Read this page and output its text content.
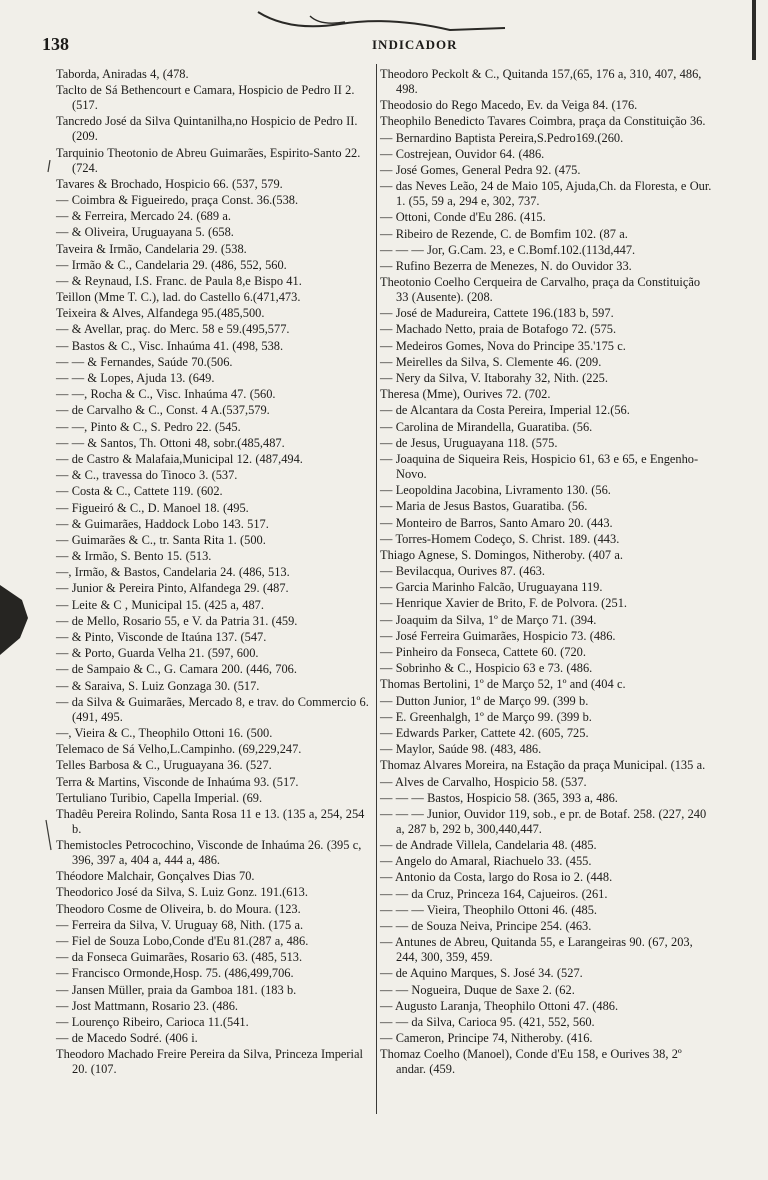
138	INDICADOR
Taborda, Aniradas 4, (478.
Taclto de Sá Bethencourt e Camara, Hospicio de Pedro II 2. (517.
Tancredo José da Silva Quintanilha,no Hospicio de Pedro II. (209.
Tarquinio Theotonio de Abreu Guimarães, Espirito-Santo 22. (724.
Tavares & Brochado, Hospicio 66. (537, 579.
— Coimbra & Figueiredo, praça Const. 36.(538.
— & Ferreira, Mercado 24. (689 a.
— & Oliveira, Uruguayana 5. (658.
Taveira & Irmão, Candelaria 29. (538.
— Irmão & C., Candelaria 29. (486, 552, 560.
— & Reynaud, I.S. Franc. de Paula 8,e Bispo 41.
Teillon (Mme T. C.), lad. do Castello 6.(471,473.
Teixeira & Alves, Alfandega 95.(485,500.
— & Avellar, praç. do Merc. 58 e 59.(495,577.
— Bastos & C., Visc. Inhaúma 41. (498, 538.
— — & Fernandes, Saúde 70.(506.
— — & Lopes, Ajuda 13. (649.
— —, Rocha & C., Visc. Inhaúma 47. (560.
— de Carvalho & C., Const. 4 A.(537,579.
— —, Pinto & C., S. Pedro 22. (545.
— — & Santos, Th. Ottoni 48, sobr.(485,487.
— de Castro & Malafaia,Municipal 12. (487,494.
— & C., travessa do Tinoco 3. (537.
— Costa & C., Cattete 119. (602.
— Figueiró & C., D. Manoel 18. (495.
— & Guimarães, Haddock Lobo 143. 517.
— Guimarães & C., tr. Santa Rita 1. (500.
— & Irmão, S. Bento 15. (513.
—, Irmão, & Bastos, Candelaria 24. (486, 513.
— Junior & Pereira Pinto, Alfandega 29. (487.
— Leite & C , Municipal 15. (425 a, 487.
— de Mello, Rosario 55, e V. da Patria 31. (459.
— & Pinto, Visconde de Itaúna 137. (547.
— & Porto, Guarda Velha 21. (597, 600.
— de Sampaio & C., G. Camara 200. (446, 706.
— & Saraiva, S. Luiz Gonzaga 30. (517.
— da Silva & Guimarães, Mercado 8, e trav. do Commercio 6. (491, 495.
—, Vieira & C., Theophilo Ottoni 16. (500.
Telemaco de Sá Velho,L.Campinho. (69,229,247.
Telles Barbosa & C., Uruguayana 36. (527.
Terra & Martins, Visconde de Inhaúma 93. (517.
Tertuliano Turibio, Capella Imperial. (69.
Thadêu Pereira Rolindo, Santa Rosa 11 e 13. (135 a, 254, 254 b.
Themistocles Petrocochino, Visconde de Inhaúma 26. (395 c, 396, 397 a, 404 a, 444 a, 486.
Théodore Malchair, Gonçalves Dias 70.
Theodorico José da Silva, S. Luiz Gonz. 191.(613.
Theodoro Cosme de Oliveira, b. do Moura. (123.
— Ferreira da Silva, V. Uruguay 68, Nith. (175 a.
— Fiel de Souza Lobo,Conde d'Eu 81.(287 a, 486.
— da Fonseca Guimarães, Rosario 63. (485, 513.
— Francisco Ormonde,Hosp. 75. (486,499,706.
— Jansen Müller, praia da Gamboa 181. (183 b.
— Jost Mattmann, Rosario 23. (486.
— Lourenço Ribeiro, Carioca 11.(541.
— de Macedo Sodré. (406 i.
Theodoro Machado Freire Pereira da Silva, Princeza Imperial 20. (107.
Theodoro Peckolt & C., Quitanda 157,(65, 176 a, 310, 407, 486, 498.
Theodosio do Rego Macedo, Ev. da Veiga 84. (176.
Theophilo Benedicto Tavares Coimbra, praça da Constituição 36.
— Bernardino Baptista Pereira,S.Pedro169.(260.
— Costrejean, Ouvidor 64. (486.
— José Gomes, General Pedra 92. (475.
— das Neves Leão, 24 de Maio 105, Ajuda,Ch. da Floresta, e Our. 1. (55, 59 a, 294 e, 302, 737.
— Ottoni, Conde d'Eu 286. (415.
— Ribeiro de Rezende, C. de Bomfim 102. (87 a.
— — — Jor, G.Cam. 23, e C.Bomf.102.(113d,447.
— Rufino Bezerra de Menezes, N. do Ouvidor 33.
Theotonio Coelho Cerqueira de Carvalho, praça da Constituição 33 (Ausente). (208.
— José de Madureira, Cattete 196.(183 b, 597.
— Machado Netto, praia de Botafogo 72. (575.
— Medeiros Gomes, Nova do Principe 35.'175 c.
— Meirelles da Silva, S. Clemente 46. (209.
— Nery da Silva, V. Itaborahy 32, Nith. (225.
Theresa (Mme), Ourives 72. (702.
— de Alcantara da Costa Pereira, Imperial 12.(56.
— Carolina de Mirandella, Guaratiba. (56.
— de Jesus, Uruguayana 118. (575.
— Joaquina de Siqueira Reis, Hospicio 61, 63 e 65, e Engenho-Novo.
— Leopoldina Jacobina, Livramento 130. (56.
— Maria de Jesus Bastos, Guaratiba. (56.
— Monteiro de Barros, Santo Amaro 20. (443.
— Torres-Homem Codeço, S. Christ. 189. (443.
Thiago Agnese, S. Domingos, Nitheroby. (407 a.
— Bevilacqua, Ourives 87. (463.
— Garcia Marinho Falcão, Uruguayana 119.
— Henrique Xavier de Brito, F. de Polvora. (251.
— Joaquim da Silva, 1º de Março 71. (394.
— José Ferreira Guimarães, Hospicio 73. (486.
— Pinheiro da Fonseca, Cattete 60. (720.
— Sobrinho & C., Hospicio 63 e 73. (486.
Thomas Bertolini, 1º de Março 52, 1º and (404 c.
— Dutton Junior, 1º de Março 99. (399 b.
— E. Greenhalgh, 1º de Março 99. (399 b.
— Edwards Parker, Cattete 42. (605, 725.
— Maylor, Saúde 98. (483, 486.
Thomaz Alvares Moreira, na Estação da praça Municipal. (135 a.
— Alves de Carvalho, Hospicio 58. (537.
— — — Bastos, Hospicio 58. (365, 393 a, 486.
— — — Junior, Ouvidor 119, sob., e pr. de Botaf. 258. (227, 240 a, 287 b, 292 b, 300,440,447.
— de Andrade Villela, Candelaria 48. (485.
— Angelo do Amaral, Riachuelo 33. (455.
— Antonio da Costa, largo do Rosa io 2. (448.
— — da Cruz, Princeza 164, Cajueiros. (261.
— — — Vieira, Theophilo Ottoni 46. (485.
— — de Souza Neiva, Principe 254. (463.
— Antunes de Abreu, Quitanda 55, e Larangeiras 90. (67, 203, 244, 300, 359, 459.
— de Aquino Marques, S. José 34. (527.
— — Nogueira, Duque de Saxe 2. (62.
— Augusto Laranja, Theophilo Ottoni 47. (486.
— — da Silva, Carioca 95. (421, 552, 560.
— Cameron, Principe 74, Nitheroby. (416.
Thomaz Coelho (Manoel), Conde d'Eu 158, e Ourives 38, 2º andar. (459.
